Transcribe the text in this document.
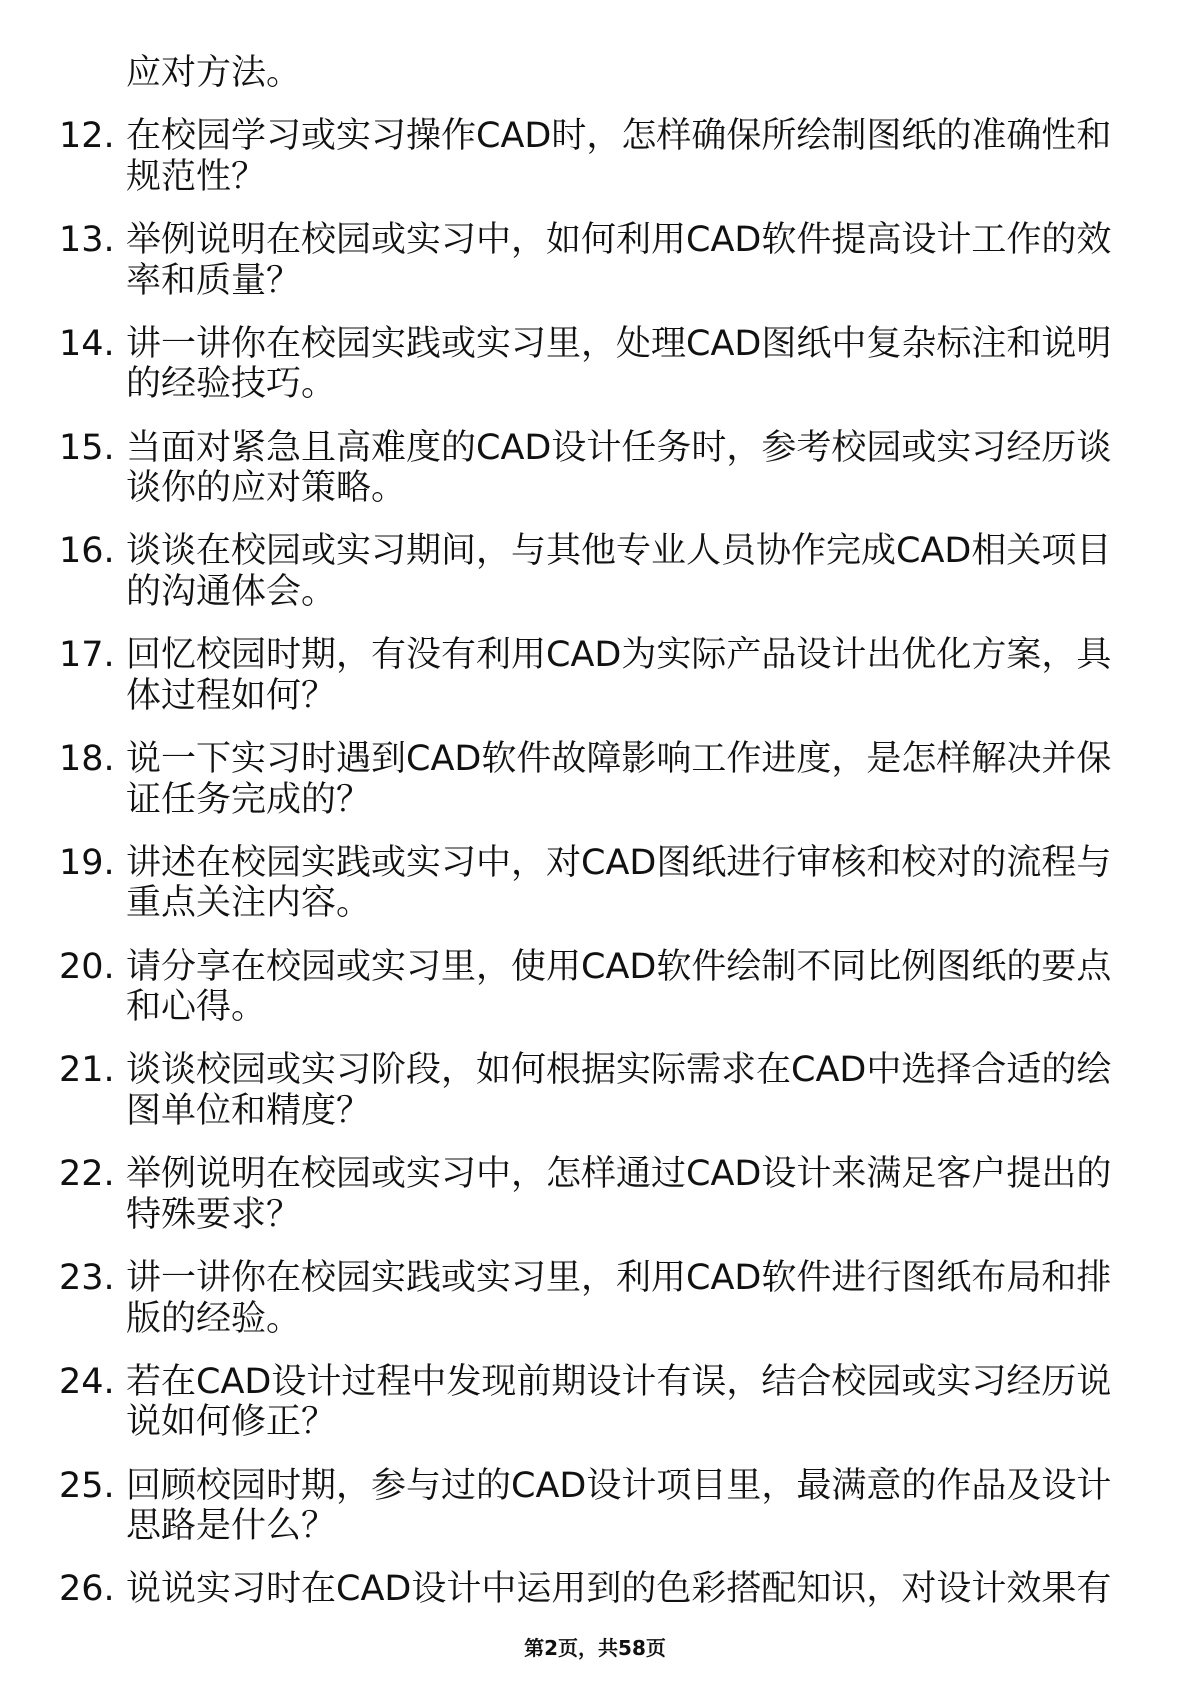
应对方法。
12. 在校园学习或实习操作CAD时，怎样确保所绘制图纸的准确性和
规范性？
13. 举例说明在校园或实习中，如何利用CAD软件提高设计工作的效
率和质量？
14. 讲一讲你在校园实践或实习里，处理CAD图纸中复杂标注和说明
的经验技巧。
15. 当面对紧急且高难度的CAD设计任务时，参考校园或实习经历谈
谈你的应对策略。
16. 谈谈在校园或实习期间，与其他专业人员协作完成CAD相关项目
的沟通体会。
17. 回忆校园时期，有没有利用CAD为实际产品设计出优化方案，具
体过程如何？
18. 说一下实习时遇到CAD软件故障影响工作进度，是怎样解决并保
证任务完成的？
19. 讲述在校园实践或实习中，对CAD图纸进行审核和校对的流程与
重点关注内容。
20. 请分享在校园或实习里，使用CAD软件绘制不同比例图纸的要点
和心得。
21. 谈谈校园或实习阶段，如何根据实际需求在CAD中选择合适的绘
图单位和精度？
22. 举例说明在校园或实习中，怎样通过CAD设计来满足客户提出的
特殊要求？
23. 讲一讲你在校园实践或实习里，利用CAD软件进行图纸布局和排
版的经验。
24. 若在CAD设计过程中发现前期设计有误，结合校园或实习经历说
说如何修正？
25. 回顾校园时期，参与过的CAD设计项目里，最满意的作品及设计
思路是什么？
26. 说说实习时在CAD设计中运用到的色彩搭配知识，对设计效果有
第2页，共58页
